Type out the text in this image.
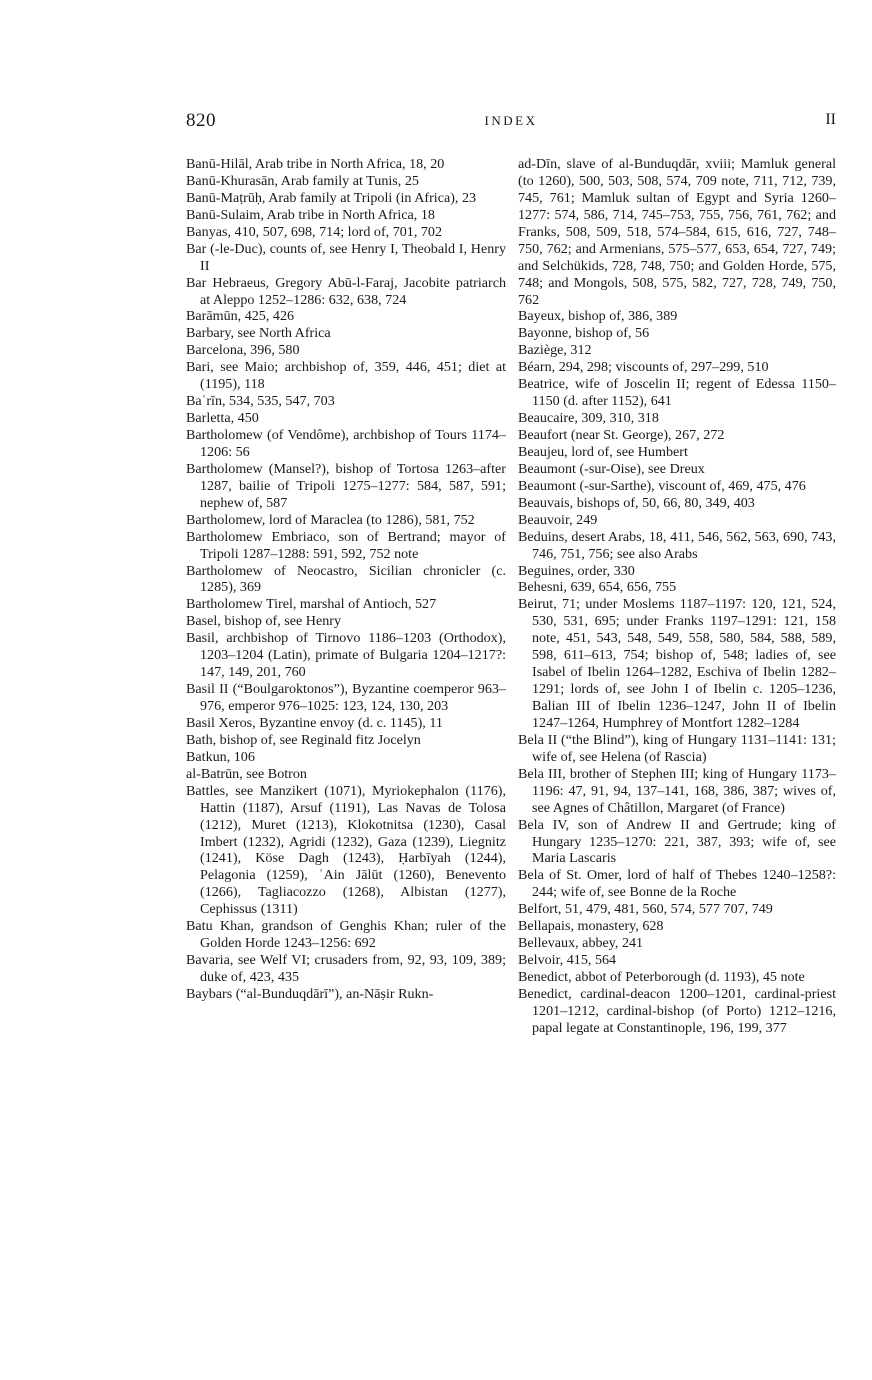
820	INDEX	II

Banū-Hilāl, Arab tribe in North Africa, 18, 20

Banū-Khurasān, Arab family at Tunis, 25

Banū-Maṭrūḥ, Arab family at Tripoli (in Africa), 23

Banū-Sulaim, Arab tribe in North Africa, 18

Banyas, 410, 507, 698, 714; lord of, 701, 702

Bar (-le-Duc), counts of, see Henry I, Theobald I, Henry II

Bar Hebraeus, Gregory Abū-l-Faraj, Jacobite patriarch at Aleppo 1252–1286: 632, 638, 724

Barāmūn, 425, 426

Barbary, see North Africa

Barcelona, 396, 580

Bari, see Maio; archbishop of, 359, 446, 451; diet at (1195), 118

Baʿrīn, 534, 535, 547, 703

Barletta, 450

Bartholomew (of Vendôme), archbishop of Tours 1174–1206: 56

Bartholomew (Mansel?), bishop of Tortosa 1263–after 1287, bailie of Tripoli 1275–1277: 584, 587, 591; nephew of, 587

Bartholomew, lord of Maraclea (to 1286), 581, 752

Bartholomew Embriaco, son of Bertrand; mayor of Tripoli 1287–1288: 591, 592, 752 note

Bartholomew of Neocastro, Sicilian chronicler (c. 1285), 369

Bartholomew Tirel, marshal of Antioch, 527

Basel, bishop of, see Henry

Basil, archbishop of Tirnovo 1186–1203 (Orthodox), 1203–1204 (Latin), primate of Bulgaria 1204–1217?: 147, 149, 201, 760

Basil II (“Boulgaroktonos”), Byzantine coemperor 963–976, emperor 976–1025: 123, 124, 130, 203

Basil Xeros, Byzantine envoy (d. c. 1145), 11

Bath, bishop of, see Reginald fitz Jocelyn

Batkun, 106

al-Batrūn, see Botron

Battles, see Manzikert (1071), Myriokephalon (1176), Hattin (1187), Arsuf (1191), Las Navas de Tolosa (1212), Muret (1213), Klokotnitsa (1230), Casal Imbert (1232), Agridi (1232), Gaza (1239), Liegnitz (1241), Köse Dagh (1243), Ḥarbīyah (1244), Pelagonia (1259), ʿAin Jālūt (1260), Benevento (1266), Tagliacozzo (1268), Albistan (1277), Cephissus (1311)

Batu Khan, grandson of Genghis Khan; ruler of the Golden Horde 1243–1256: 692

Bavaria, see Welf VI; crusaders from, 92, 93, 109, 389; duke of, 423, 435

Baybars (“al-Bunduqdārī”), an-Nāṣir Rukn-

ad-Dīn, slave of al-Bunduqdār, xviii; Mamluk general (to 1260), 500, 503, 508, 574, 709 note, 711, 712, 739, 745, 761; Mamluk sultan of Egypt and Syria 1260–1277: 574, 586, 714, 745–753, 755, 756, 761, 762; and Franks, 508, 509, 518, 574–584, 615, 616, 727, 748–750, 762; and Armenians, 575–577, 653, 654, 727, 749; and Selchükids, 728, 748, 750; and Golden Horde, 575, 748; and Mongols, 508, 575, 582, 727, 728, 749, 750, 762

Bayeux, bishop of, 386, 389

Bayonne, bishop of, 56

Baziège, 312

Béarn, 294, 298; viscounts of, 297–299, 510

Beatrice, wife of Joscelin II; regent of Edessa 1150–1150 (d. after 1152), 641

Beaucaire, 309, 310, 318

Beaufort (near St. George), 267, 272

Beaujeu, lord of, see Humbert

Beaumont (-sur-Oise), see Dreux

Beaumont (-sur-Sarthe), viscount of, 469, 475, 476

Beauvais, bishops of, 50, 66, 80, 349, 403

Beauvoir, 249

Beduins, desert Arabs, 18, 411, 546, 562, 563, 690, 743, 746, 751, 756; see also Arabs

Beguines, order, 330

Behesni, 639, 654, 656, 755

Beirut, 71; under Moslems 1187–1197: 120, 121, 524, 530, 531, 695; under Franks 1197–1291: 121, 158 note, 451, 543, 548, 549, 558, 580, 584, 588, 589, 598, 611–613, 754; bishop of, 548; ladies of, see Isabel of Ibelin 1264–1282, Eschiva of Ibelin 1282–1291; lords of, see John I of Ibelin c. 1205–1236, Balian III of Ibelin 1236–1247, John II of Ibelin 1247–1264, Humphrey of Montfort 1282–1284

Bela II (“the Blind”), king of Hungary 1131–1141: 131; wife of, see Helena (of Rascia)

Bela III, brother of Stephen III; king of Hungary 1173–1196: 47, 91, 94, 137–141, 168, 386, 387; wives of, see Agnes of Châtillon, Margaret (of France)

Bela IV, son of Andrew II and Gertrude; king of Hungary 1235–1270: 221, 387, 393; wife of, see Maria Lascaris

Bela of St. Omer, lord of half of Thebes 1240–1258?: 244; wife of, see Bonne de la Roche

Belfort, 51, 479, 481, 560, 574, 577 707, 749

Bellapais, monastery, 628

Bellevaux, abbey, 241

Belvoir, 415, 564

Benedict, abbot of Peterborough (d. 1193), 45 note

Benedict, cardinal-deacon 1200–1201, cardinal-priest 1201–1212, cardinal-bishop (of Porto) 1212–1216, papal legate at Constantinople, 196, 199, 377
